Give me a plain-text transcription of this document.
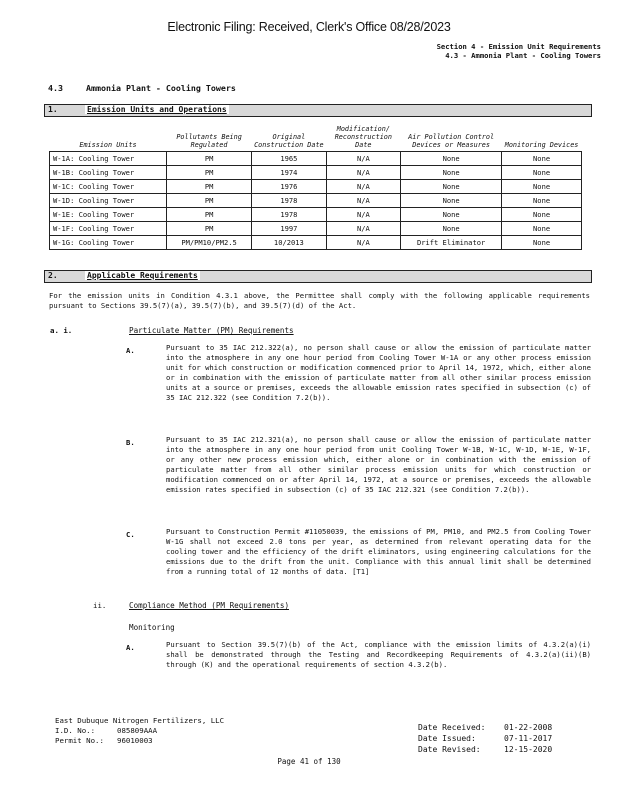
Electronic Filing: Received, Clerk's Office 08/28/2023
Section 4 - Emission Unit Requirements
4.3 - Ammonia Plant - Cooling Towers
4.3	Ammonia Plant - Cooling Towers
1.	Emission Units and Operations
Emission Units	Pollutants Being Regulated	Original Construction Date	Modification/ Reconstruction Date	Air Pollution Control Devices or Measures	Monitoring Devices
W-1A: Cooling Tower	PM	1965	N/A	None	None
W-1B: Cooling Tower	PM	1974	N/A	None	None
W-1C: Cooling Tower	PM	1976	N/A	None	None
W-1D: Cooling Tower	PM	1978	N/A	None	None
W-1E: Cooling Tower	PM	1978	N/A	None	None
W-1F: Cooling Tower	PM	1997	N/A	None	None
W-1G: Cooling Tower	PM/PM10/PM2.5	10/2013	N/A	Drift Eliminator	None
2.	Applicable Requirements
For the emission units in Condition 4.3.1 above, the Permittee shall comply with the following applicable requirements pursuant to Sections 39.5(7)(a), 39.5(7)(b), and 39.5(7)(d) of the Act.
a. i.	Particulate Matter (PM) Requirements
A.	Pursuant to 35 IAC 212.322(a), no person shall cause or allow the emission of particulate matter into the atmosphere in any one hour period from Cooling Tower W-1A or any other process emission unit for which construction or modification commenced prior to April 14, 1972, which, either alone or in combination with the emission of particulate matter from all other similar process emission units at a source or premises, exceeds the allowable emission rates specified in subsection (c) of 35 IAC 212.322 (see Condition 7.2(b)).
B.	Pursuant to 35 IAC 212.321(a), no person shall cause or allow the emission of particulate matter into the atmosphere in any one hour period from unit Cooling Tower W-1B, W-1C, W-1D, W-1E, W-1F, or any other new process emission which, either alone or in combination with the emission of particulate matter from all other similar process emission units for which construction or modification commenced on or after April 14, 1972, at a source or premises, exceeds the allowable emission rates specified in subsection (c) of 35 IAC 212.321 (see Condition 7.2(b)).
C.	Pursuant to Construction Permit #11050039, the emissions of PM, PM10, and PM2.5 from Cooling Tower W-1G shall not exceed 2.0 tons per year, as determined from relevant operating data for the cooling tower and the efficiency of the drift eliminators, using engineering calculations for the emissions due to the drift from the unit. Compliance with this annual limit shall be determined from a running total of 12 months of data. [T1]
ii.	Compliance Method (PM Requirements)
Monitoring
A.	Pursuant to Section 39.5(7)(b) of the Act, compliance with the emission limits of 4.3.2(a)(i) shall be demonstrated through the Testing and Recordkeeping Requirements of 4.3.2(a)(ii)(B) through (K) and the operational requirements of section 4.3.2(b).
East Dubuque Nitrogen Fertilizers, LLC
I.D. No.:	085809AAA
Permit No.: 96010003
Date Received: 01-22-2008
Date Issued:	07-11-2017
Date Revised:	12-15-2020
Page 41 of 130
